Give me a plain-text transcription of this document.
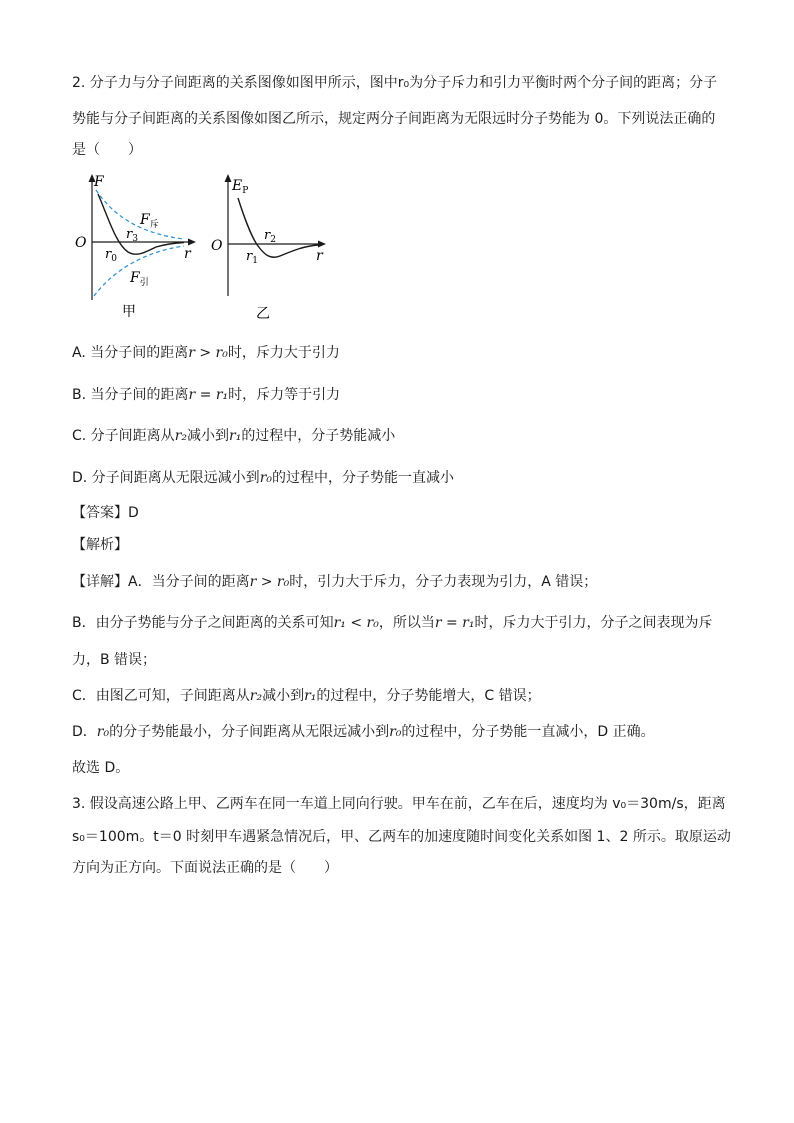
2. 分子力与分子间距离的关系图像如图甲所示，图中r₀为分子斥力和引力平衡时两个分子间的距离；分子
势能与分子间距离的关系图像如图乙所示，规定两分子间距离为无限远时分子势能为 0。下列说法正确的
是（　　）
F
O
$r_0$
$r_3$
r
$F_斥$
$F_引$
甲
$E_P$
O
$r_1$
$r_2$
r
乙
A. 当分子间的距离r > r₀时，斥力大于引力
B. 当分子间的距离r = r₁时，斥力等于引力
C. 分子间距离从r₂减小到r₁的过程中，分子势能减小
D. 分子间距离从无限远减小到r₀的过程中，分子势能一直减小
【答案】D
【解析】
【详解】A．当分子间的距离r > r₀时，引力大于斥力，分子力表现为引力，A 错误；
B．由分子势能与分子之间距离的关系可知r₁ < r₀，所以当r = r₁时，斥力大于引力，分子之间表现为斥
力，B 错误；
C．由图乙可知，子间距离从r₂减小到r₁的过程中，分子势能增大，C 错误；
D．r₀的分子势能最小，分子间距离从无限远减小到r₀的过程中，分子势能一直减小，D 正确。
故选 D。
3. 假设高速公路上甲、乙两车在同一车道上同向行驶。甲车在前，乙车在后，速度均为 v₀＝30m/s，距离
s₀＝100m。t＝0 时刻甲车遇紧急情况后，甲、乙两车的加速度随时间变化关系如图 1、2 所示。取原运动
方向为正方向。下面说法正确的是（　　）
